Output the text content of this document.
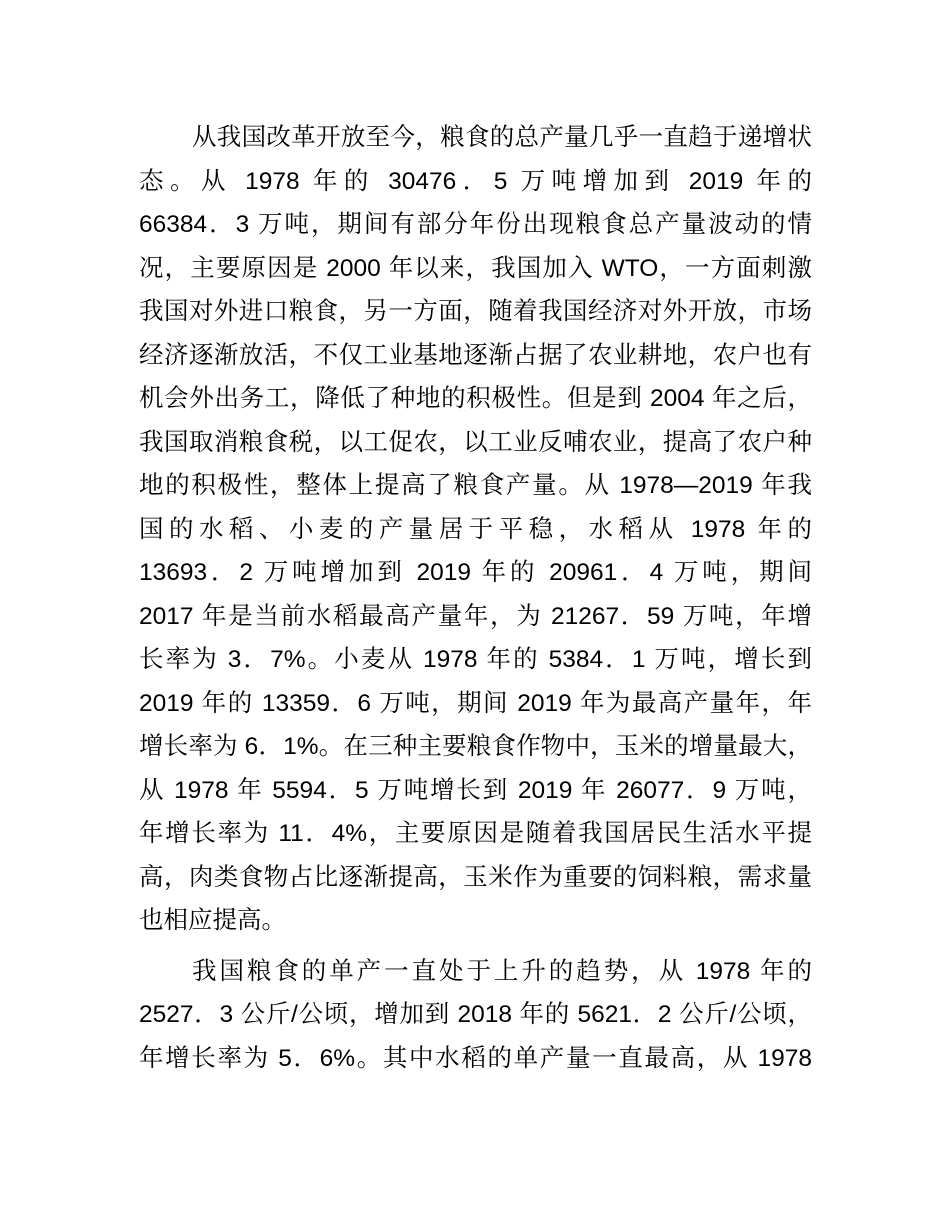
从我国改革开放至今，粮食的总产量几乎一直趋于递增状
态。从 1978 年的 30476．5 万吨增加到 2019 年的
66384．3 万吨，期间有部分年份出现粮食总产量波动的情
况，主要原因是 2000 年以来，我国加入 WTO，一方面刺激
我国对外进口粮食，另一方面，随着我国经济对外开放，市场
经济逐渐放活，不仅工业基地逐渐占据了农业耕地，农户也有
机会外出务工，降低了种地的积极性。但是到 2004 年之后，
我国取消粮食税，以工促农，以工业反哺农业，提高了农户种
地的积极性，整体上提高了粮食产量。从 1978—2019 年我
国的水稻、小麦的产量居于平稳，水稻从 1978 年的
13693．2 万吨增加到 2019 年的 20961．4 万吨，期间
2017 年是当前水稻最高产量年，为 21267．59 万吨，年增
长率为 3．7%。小麦从 1978 年的 5384．1 万吨，增长到
2019 年的 13359．6 万吨，期间 2019 年为最高产量年，年
增长率为 6．1%。在三种主要粮食作物中，玉米的增量最大，
从 1978 年 5594．5 万吨增长到 2019 年 26077．9 万吨，
年增长率为 11．4%，主要原因是随着我国居民生活水平提
高，肉类食物占比逐渐提高，玉米作为重要的饲料粮，需求量
也相应提高。
我国粮食的单产一直处于上升的趋势，从 1978 年的
2527．3 公斤/公顷，增加到 2018 年的 5621．2 公斤/公顷，
年增长率为 5．6%。其中水稻的单产量一直最高，从 1978
